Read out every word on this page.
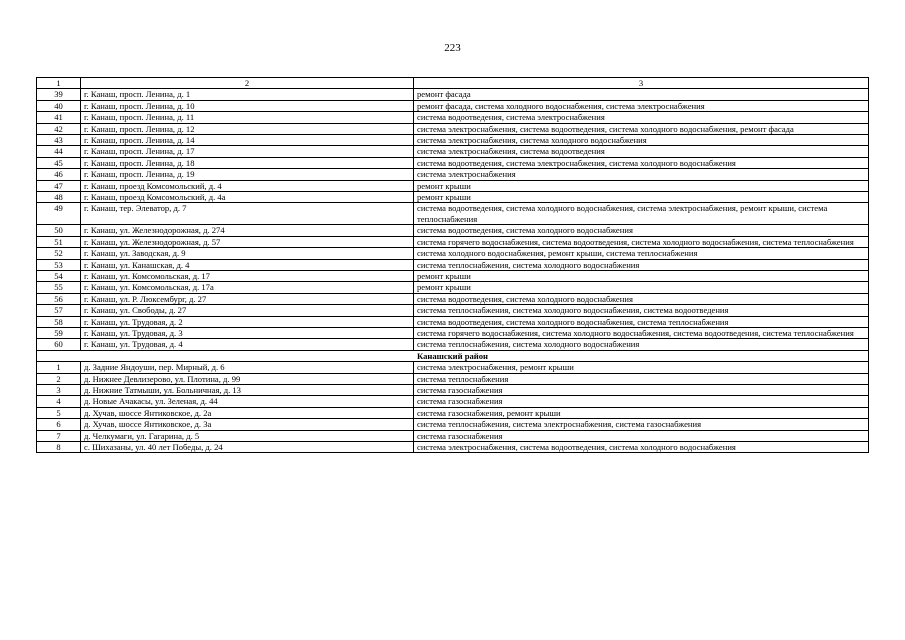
223
1	2	3
39	г. Канаш, просп. Ленина, д. 1	ремонт фасада
40	г. Канаш, просп. Ленина, д. 10	ремонт фасада, система холодного водоснабжения, система электроснабжения
41	г. Канаш, просп. Ленина, д. 11	система водоотведения, система электроснабжения
42	г. Канаш, просп. Ленина, д. 12	система электроснабжения, система водоотведения, система холодного водоснабжения, ремонт фасада
43	г. Канаш, просп. Ленина, д. 14	система электроснабжения, система холодного водоснабжения
44	г. Канаш, просп. Ленина, д. 17	система электроснабжения, система водоотведения
45	г. Канаш, просп. Ленина, д. 18	система водоотведения, система электроснабжения, система холодного водоснабжения
46	г. Канаш, просп. Ленина, д. 19	система электроснабжения
47	г. Канаш, проезд Комсомольский, д. 4	ремонт крыши
48	г. Канаш, проезд Комсомольский, д. 4а	ремонт крыши
49	г. Канаш, тер. Элеватор, д. 7	система водоотведения, система холодного водоснабжения, система электроснабжения, ремонт крыши, система теплоснабжения
50	г. Канаш, ул. Железнодорожная, д. 274	система водоотведения, система холодного водоснабжения
51	г. Канаш, ул. Железнодорожная, д. 57	система горячего водоснабжения, система водоотведения, система холодного водоснабжения, система теплоснабжения
52	г. Канаш, ул. Заводская, д. 9	система холодного водоснабжения, ремонт крыши, система теплоснабжения
53	г. Канаш, ул. Канашская, д. 4	система теплоснабжения, система холодного водоснабжения
54	г. Канаш, ул. Комсомольская, д. 17	ремонт крыши
55	г. Канаш, ул. Комсомольская, д. 17а	ремонт крыши
56	г. Канаш, ул. Р. Люксембург, д. 27	система водоотведения, система холодного водоснабжения
57	г. Канаш, ул. Свободы, д. 27	система теплоснабжения, система холодного водоснабжения, система водоотведения
58	г. Канаш, ул. Трудовая, д. 2	система водоотведения, система холодного водоснабжения, система теплоснабжения
59	г. Канаш, ул. Трудовая, д. 3	система горячего водоснабжения, система холодного водоснабжения, система водоотведения, система теплоснабжения
60	г. Канаш, ул. Трудовая, д. 4	система теплоснабжения, система холодного водоснабжения
Канашский район		
1	д. Задние Яндоуши, пер. Мирный, д. 6	система электроснабжения, ремонт крыши
2	д. Нижнее Девлизерово, ул. Плотина, д. 99	система теплоснабжения
3	д. Нижние Татмыши, ул. Больничная, д. 13	система газоснабжения
4	д. Новые Ачакасы, ул. Зеленая, д. 44	система газоснабжения
5	д. Хучав, шоссе Янтиковское, д. 2а	система газоснабжения, ремонт крыши
6	д. Хучав, шоссе Янтиковское, д. 3а	система теплоснабжения, система электроснабжения, система газоснабжения
7	д. Челкумаги, ул. Гагарина, д. 5	система газоснабжения
8	с. Шихазаны, ул. 40 лет Победы, д. 24	система электроснабжения, система водоотведения, система холодного водоснабжения
